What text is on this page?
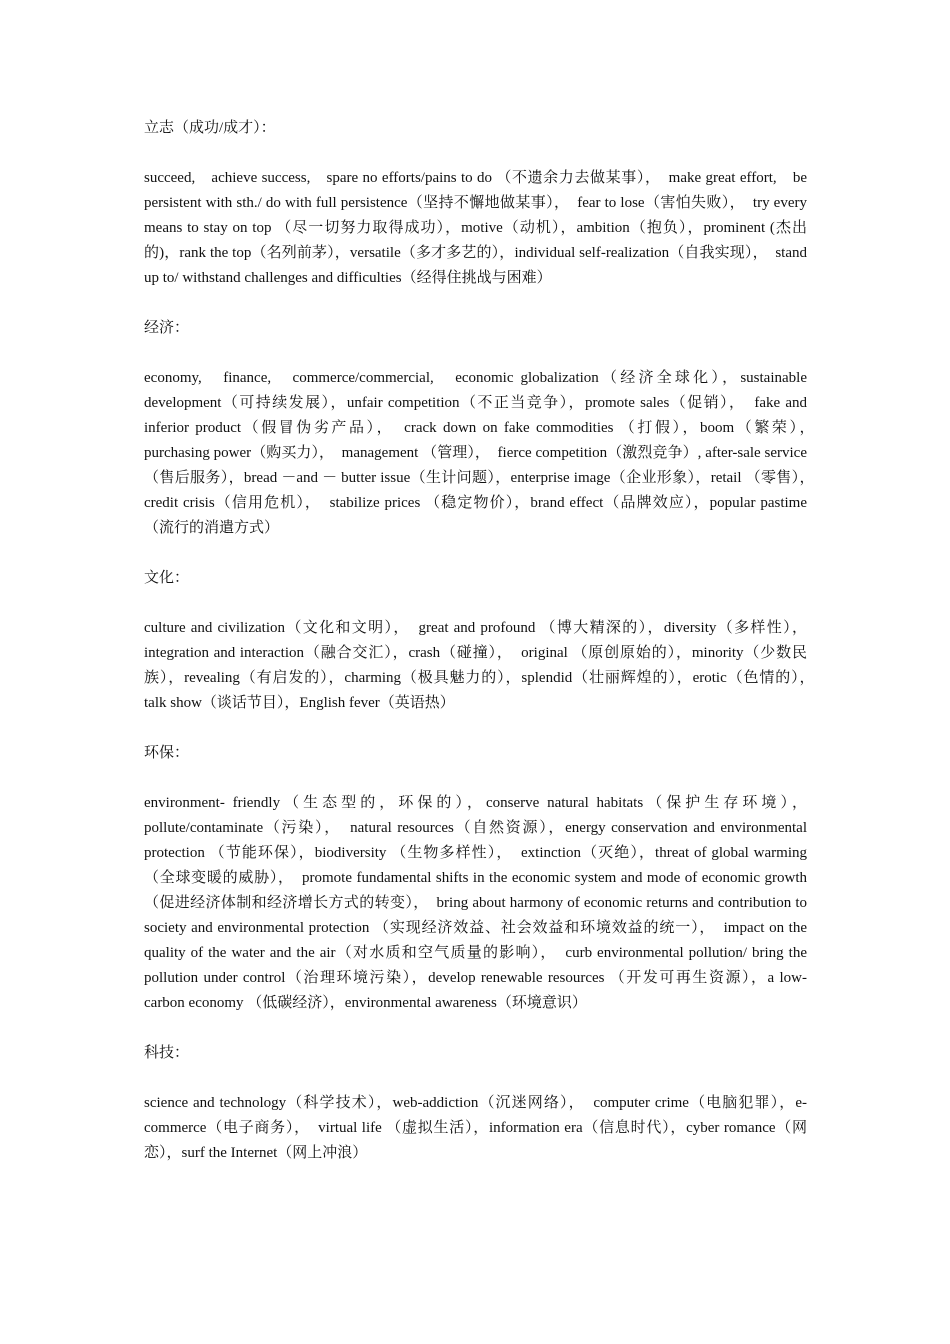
立志（成功/成才）：

succeed,　achieve success,　spare no efforts/pains to do （不遗余力去做某事），　make great effort,　be persistent with sth./ do with full persistence（坚持不懈地做某事），　fear to lose（害怕失败），　try every means to stay on top （尽一切努力取得成功），motive（动机），ambition（抱负），prominent (杰出的)，rank the top（名列前茅），versatile（多才多艺的），individual self-realization（自我实现），　stand up to/ withstand challenges and difficulties（经得住挑战与困难）

经济：

economy,　finance,　commerce/commercial,　economic globalization（经济全球化），sustainable development（可持续发展），unfair competition（不正当竞争），promote sales（促销），　fake and inferior product（假冒伪劣产品），　crack down on fake commodities （打假），boom（繁荣），　purchasing power（购买力），　management （管理），　fierce competition（激烈竞争）, after-sale service （售后服务），bread －and － butter issue（生计问题），enterprise image（企业形象），retail （零售），　credit crisis（信用危机），　stabilize prices （稳定物价），brand effect（品牌效应），popular pastime （流行的消遣方式）

文化：

culture and civilization（文化和文明），　great and profound （博大精深的），diversity（多样性），integration and interaction（融合交汇），crash（碰撞），　original （原创原始的），minority（少数民族），revealing（有启发的），charming（极具魅力的），splendid（壮丽辉煌的），erotic（色情的），　talk show（谈话节目），English fever（英语热）

环保：

environment- friendly（生态型的，环保的），conserve natural habitats（保护生存环境），pollute/contaminate（污染），　natural resources（自然资源），energy conservation and environmental protection （节能环保），biodiversity （生物多样性），　extinction（灭绝），threat of global warming（全球变暖的威胁），　promote fundamental shifts in the economic system and mode of economic growth（促进经济体制和经济增长方式的转变），　bring about harmony of economic returns and contribution to society and environmental protection （实现经济效益、社会效益和环境效益的统一），　impact on the quality of the water and the air（对水质和空气质量的影响），　curb environmental pollution/ bring the pollution under control（治理环境污染），develop renewable resources （开发可再生资源），a low-carbon economy （低碳经济），environmental awareness（环境意识）

科技：

science and technology（科学技术），web-addiction（沉迷网络），　computer crime（电脑犯罪），e-commerce（电子商务），　virtual life （虚拟生活），information era（信息时代），cyber romance（网恋），surf the Internet（网上冲浪）
